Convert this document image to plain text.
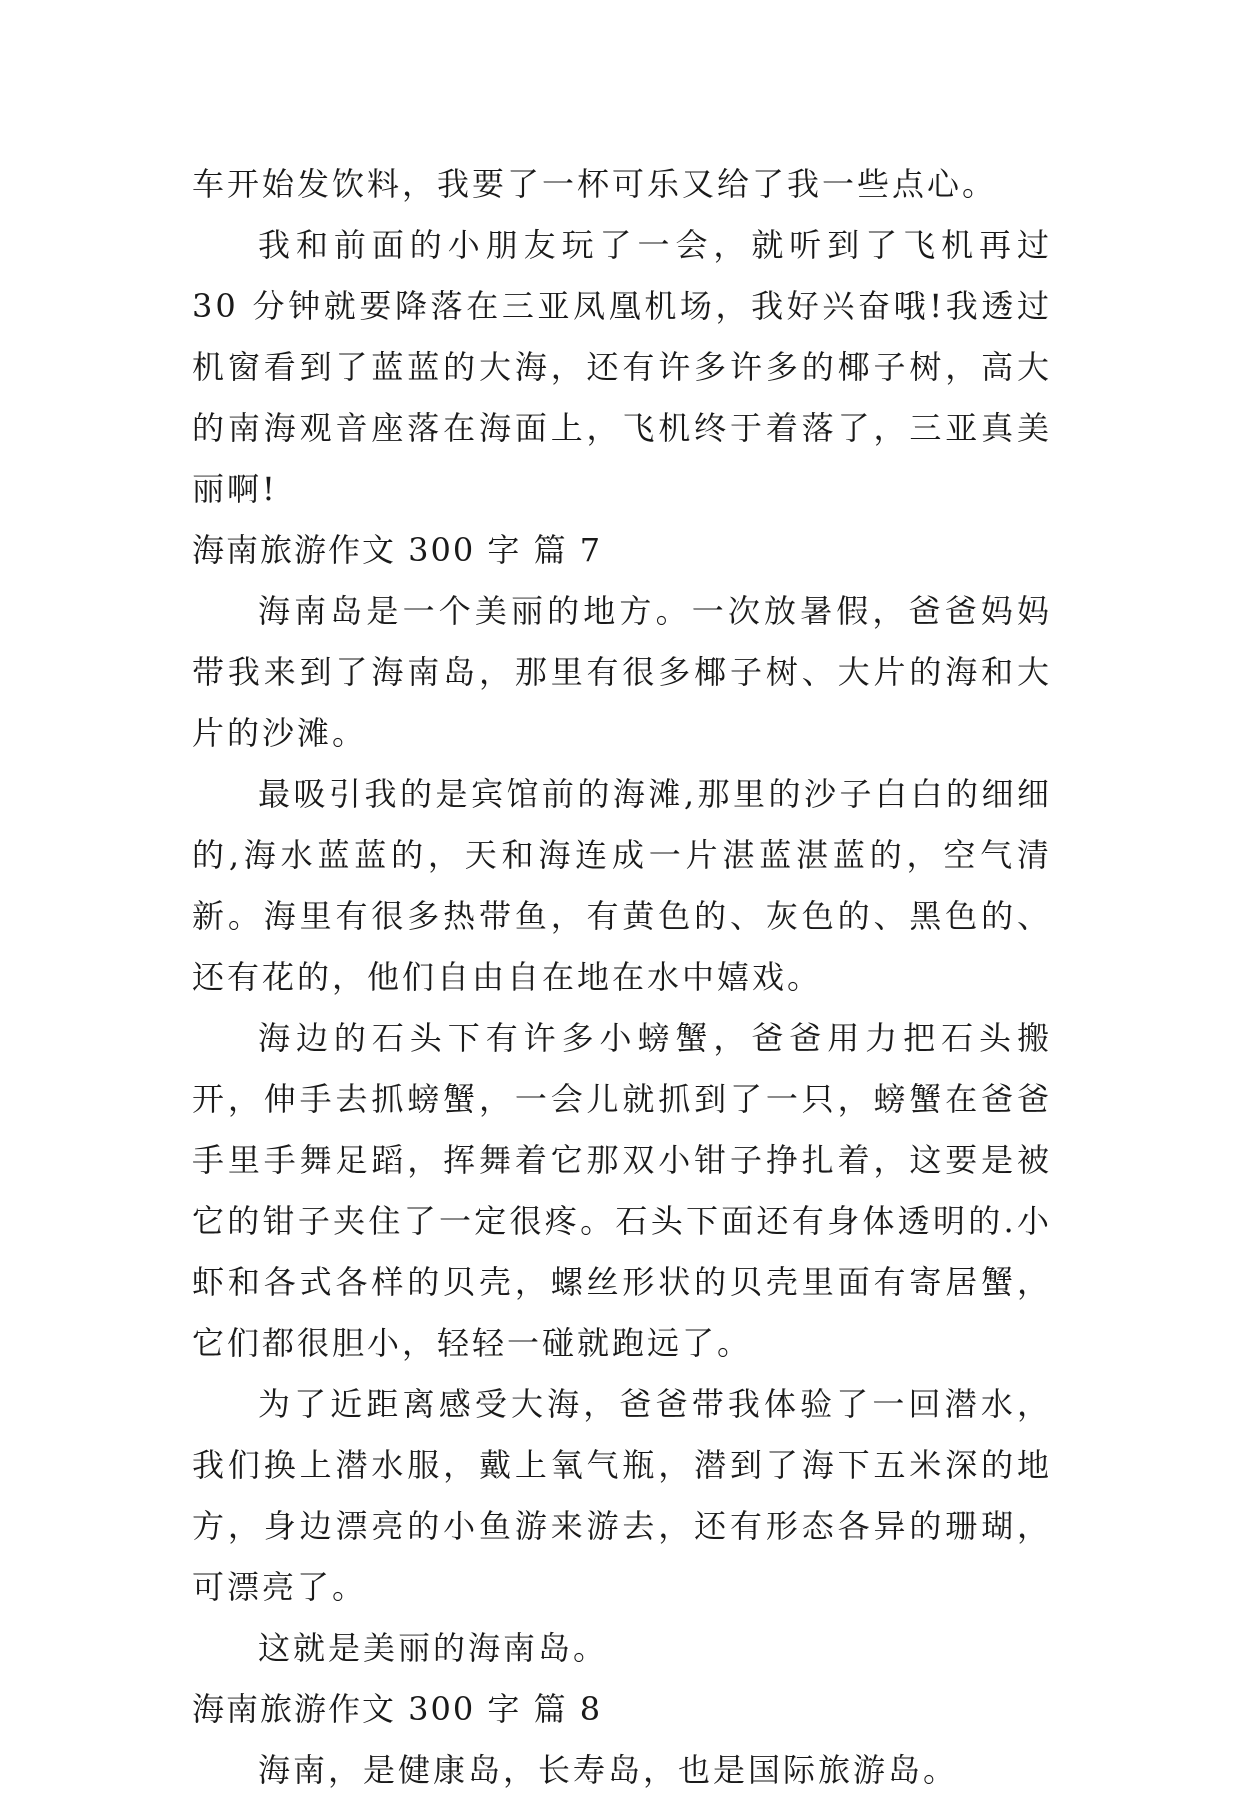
车开始发饮料，我要了一杯可乐又给了我一些点心。

我和前面的小朋友玩了一会，就听到了飞机再过 30 分钟就要降落在三亚凤凰机场，我好兴奋哦!我透过机窗看到了蓝蓝的大海，还有许多许多的椰子树，高大的南海观音座落在海面上，飞机终于着落了，三亚真美丽啊!

海南旅游作文 300 字 篇 7

海南岛是一个美丽的地方。一次放暑假，爸爸妈妈带我来到了海南岛，那里有很多椰子树、大片的海和大片的沙滩。

最吸引我的是宾馆前的海滩,那里的沙子白白的细细的,海水蓝蓝的，天和海连成一片湛蓝湛蓝的，空气清新。海里有很多热带鱼，有黄色的、灰色的、黑色的、还有花的，他们自由自在地在水中嬉戏。

海边的石头下有许多小螃蟹，爸爸用力把石头搬开，伸手去抓螃蟹，一会儿就抓到了一只，螃蟹在爸爸手里手舞足蹈，挥舞着它那双小钳子挣扎着，这要是被它的钳子夹住了一定很疼。石头下面还有身体透明的.小虾和各式各样的贝壳，螺丝形状的贝壳里面有寄居蟹，它们都很胆小，轻轻一碰就跑远了。

为了近距离感受大海，爸爸带我体验了一回潜水，我们换上潜水服，戴上氧气瓶，潜到了海下五米深的地方，身边漂亮的小鱼游来游去，还有形态各异的珊瑚，可漂亮了。

这就是美丽的海南岛。

海南旅游作文 300 字 篇 8

海南，是健康岛，长寿岛，也是国际旅游岛。
